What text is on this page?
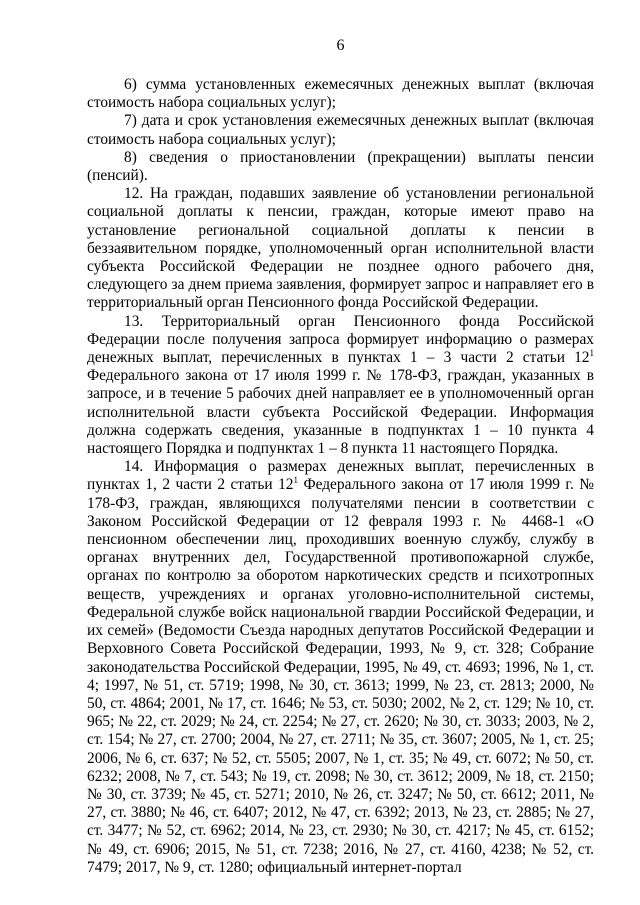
6

6) сумма установленных ежемесячных денежных выплат (включая стоимость набора социальных услуг);

7) дата и срок установления ежемесячных денежных выплат (включая стоимость набора социальных услуг);

8) сведения о приостановлении (прекращении) выплаты пенсии (пенсий).

12. На граждан, подавших заявление об установлении региональной социальной доплаты к пенсии, граждан, которые имеют право на установление региональной социальной доплаты к пенсии в беззаявительном порядке, уполномоченный орган исполнительной власти субъекта Российской Федерации не позднее одного рабочего дня, следующего за днем приема заявления, формирует запрос и направляет его в территориальный орган Пенсионного фонда Российской Федерации.

13. Территориальный орган Пенсионного фонда Российской Федерации после получения запроса формирует информацию о размерах денежных выплат, перечисленных в пунктах 1 – 3 части 2 статьи $12^1$ Федерального закона от 17 июля 1999 г. № 178-ФЗ, граждан, указанных в запросе, и в течение 5 рабочих дней направляет ее в уполномоченный орган исполнительной власти субъекта Российской Федерации. Информация должна содержать сведения, указанные в подпунктах 1 – 10 пункта 4 настоящего Порядка и подпунктах 1 – 8 пункта 11 настоящего Порядка.

14. Информация о размерах денежных выплат, перечисленных в пунктах 1, 2 части 2 статьи $12^1$ Федерального закона от 17 июля 1999 г. № 178-ФЗ, граждан, являющихся получателями пенсии в соответствии с Законом Российской Федерации от 12 февраля 1993 г. № 4468-1 «О пенсионном обеспечении лиц, проходивших военную службу, службу в органах внутренних дел, Государственной противопожарной службе, органах по контролю за оборотом наркотических средств и психотропных веществ, учреждениях и органах уголовно-исполнительной системы, Федеральной службе войск национальной гвардии Российской Федерации, и их семей» (Ведомости Съезда народных депутатов Российской Федерации и Верховного Совета Российской Федерации, 1993, № 9, ст. 328; Собрание законодательства Российской Федерации, 1995, № 49, ст. 4693; 1996, № 1, ст. 4; 1997, № 51, ст. 5719; 1998, № 30, ст. 3613; 1999, № 23, ст. 2813; 2000, № 50, ст. 4864; 2001, № 17, ст. 1646; № 53, ст. 5030; 2002, № 2, ст. 129; № 10, ст. 965; № 22, ст. 2029; № 24, ст. 2254; № 27, ст. 2620; № 30, ст. 3033; 2003, № 2, ст. 154; № 27, ст. 2700; 2004, № 27, ст. 2711; № 35, ст. 3607; 2005, № 1, ст. 25; 2006, № 6, ст. 637; № 52, ст. 5505; 2007, № 1, ст. 35; № 49, ст. 6072; № 50, ст. 6232; 2008, № 7, ст. 543; № 19, ст. 2098; № 30, ст. 3612; 2009, № 18, ст. 2150; № 30, ст. 3739; № 45, ст. 5271; 2010, № 26, ст. 3247; № 50, ст. 6612; 2011, № 27, ст. 3880; № 46, ст. 6407; 2012, № 47, ст. 6392; 2013, № 23, ст. 2885; № 27, ст. 3477; № 52, ст. 6962; 2014, № 23, ст. 2930; № 30, ст. 4217; № 45, ст. 6152; № 49, ст. 6906; 2015, № 51, ст. 7238; 2016, № 27, ст. 4160, 4238; № 52, ст. 7479; 2017, № 9, ст. 1280; официальный интернет-портал
